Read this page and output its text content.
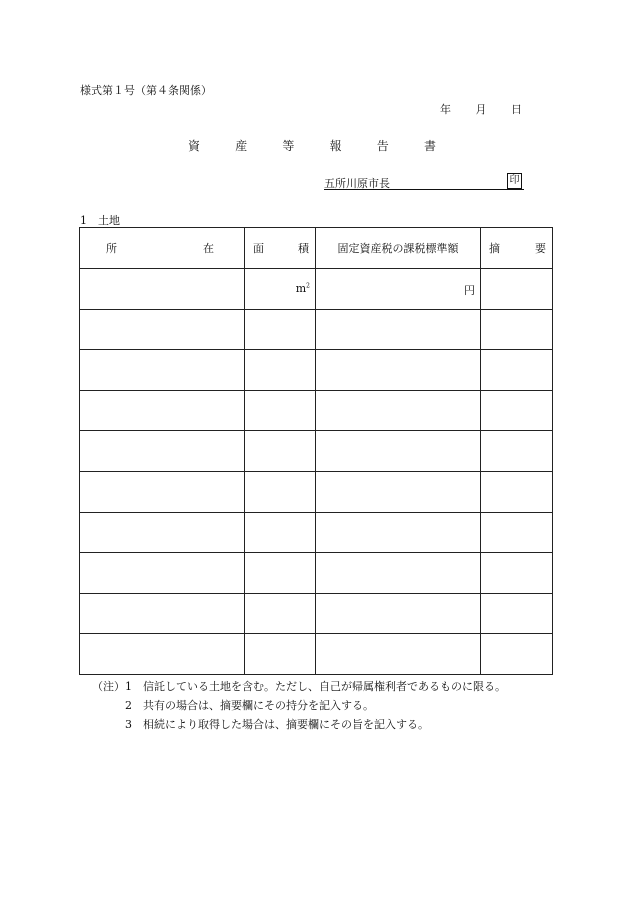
様式第１号（第４条関係）
年 月 日
資	産	等	報	告	書
五所川原市長	印
1　土地
所 在	面 積	固定資産税の課税標準額	摘 要

	$m^2$	円	

（注） 1	信託している土地を含む。ただし、自己が帰属権利者であるものに限る。
2	共有の場合は、摘要欄にその持分を記入する。
3	相続により取得した場合は、摘要欄にその旨を記入する。
